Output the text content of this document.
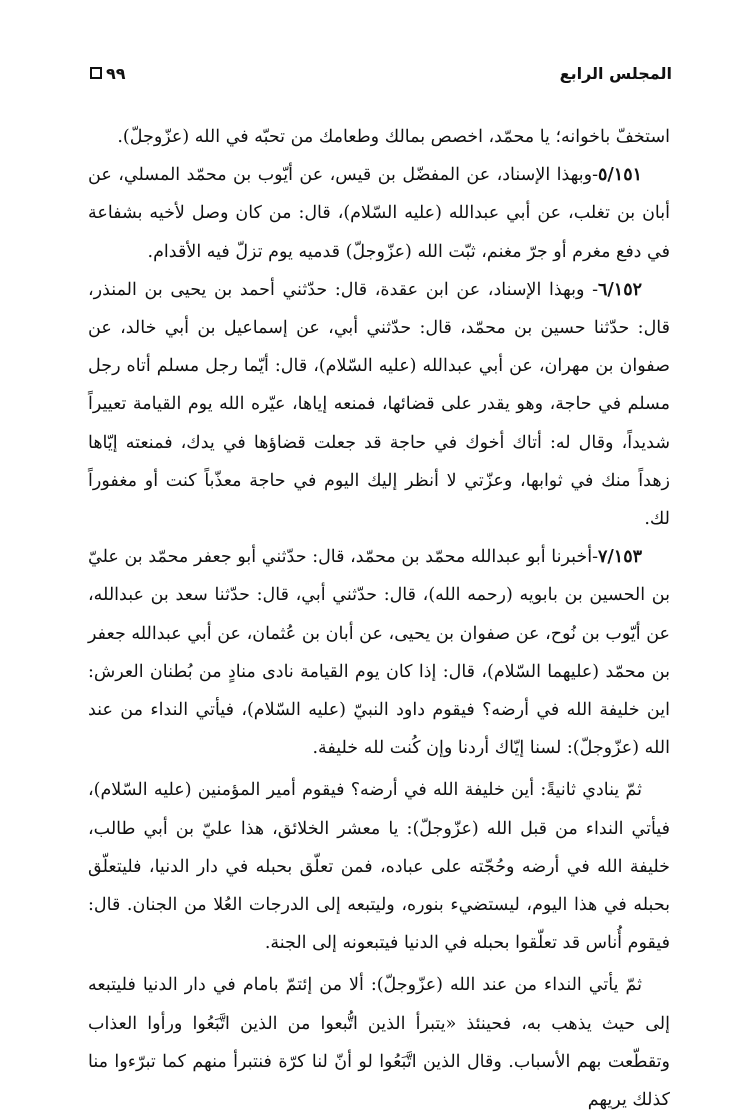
المجلس الرابع
٩٩

استخفّ باخوانه؛ يا محمّد، اخصص بمالك وطعامك من تحبّه في الله (عزّوجلّ).

٥/١٥١-وبهذا الإسناد، عن المفضّل بن قيس، عن أيّوب بن محمّد المسلي، عن أبان بن تغلب، عن أبي عبدالله (عليه السّلام)، قال: من كان وصل لأخيه بشفاعة في دفع مغرم أو جرّ مغنم، ثبّت الله (عزّوجلّ) قدميه يوم تزلّ فيه الأقدام.

٦/١٥٢- وبهذا الإسناد، عن ابن عقدة، قال: حدّثني أحمد بن يحيى بن المنذر، قال: حدّثنا حسين بن محمّد، قال: حدّثني أبي، عن إسماعيل بن أبي خالد، عن صفوان بن مهران، عن أبي عبدالله (عليه السّلام)، قال: أيّما رجل مسلم أتاه رجل مسلم في حاجة، وهو يقدر على قضائها، فمنعه إياها، عيّره الله يوم القيامة تعييراً شديداً، وقال له: أتاك أخوك في حاجة قد جعلت قضاؤها في يدك، فمنعته إيّاها زهداً منك في ثوابها، وعزّتي لا أنظر إليك اليوم في حاجة معذّباً كنت أو مغفوراً لك.

٧/١٥٣-أخبرنا أبو عبدالله محمّد بن محمّد، قال: حدّثني أبو جعفر محمّد بن عليّ بن الحسين بن بابويه (رحمه الله)، قال: حدّثني أبي، قال: حدّثنا سعد بن عبدالله، عن أيّوب بن نُوح، عن صفوان بن يحيى، عن أبان بن عُثمان، عن أبي عبدالله جعفر بن محمّد (عليهما السّلام)، قال: إذا كان يوم القيامة نادى منادٍ من بُطنان العرش: اين خليفة الله في أرضه؟ فيقوم داود النبيّ (عليه السّلام)، فيأتي النداء من عند الله (عزّوجلّ): لسنا إيّاك أردنا وإن كُنت لله خليفة.

ثمّ ينادي ثانيةً: أين خليفة الله في أرضه؟ فيقوم أمير المؤمنين (عليه السّلام)، فيأتي النداء من قبل الله (عزّوجلّ): يا معشر الخلائق، هذا عليّ بن أبي طالب، خليفة الله في أرضه وحُجّته على عباده، فمن تعلّق بحبله في دار الدنيا، فليتعلّق بحبله في هذا اليوم، ليستضيء بنوره، وليتبعه إلى الدرجات العُلا من الجنان. قال: فيقوم أُناس قد تعلّقوا بحبله في الدنيا فيتبعونه إلى الجنة.

ثمّ يأتي النداء من عند الله (عزّوجلّ): ألا من إئتمّ بامام في دار الدنيا فليتبعه إلى حيث يذهب به، فحينئذ «يتبرأ الذين اتُّبعوا من الذين اتَّبَعُوا ورأوا العذاب وتقطّعت بهم الأسباب. وقال الذين اتَّبَعُوا لو أنّ لنا كرّة فنتبرأ منهم كما تبرّءوا منا كذلك يريهم
